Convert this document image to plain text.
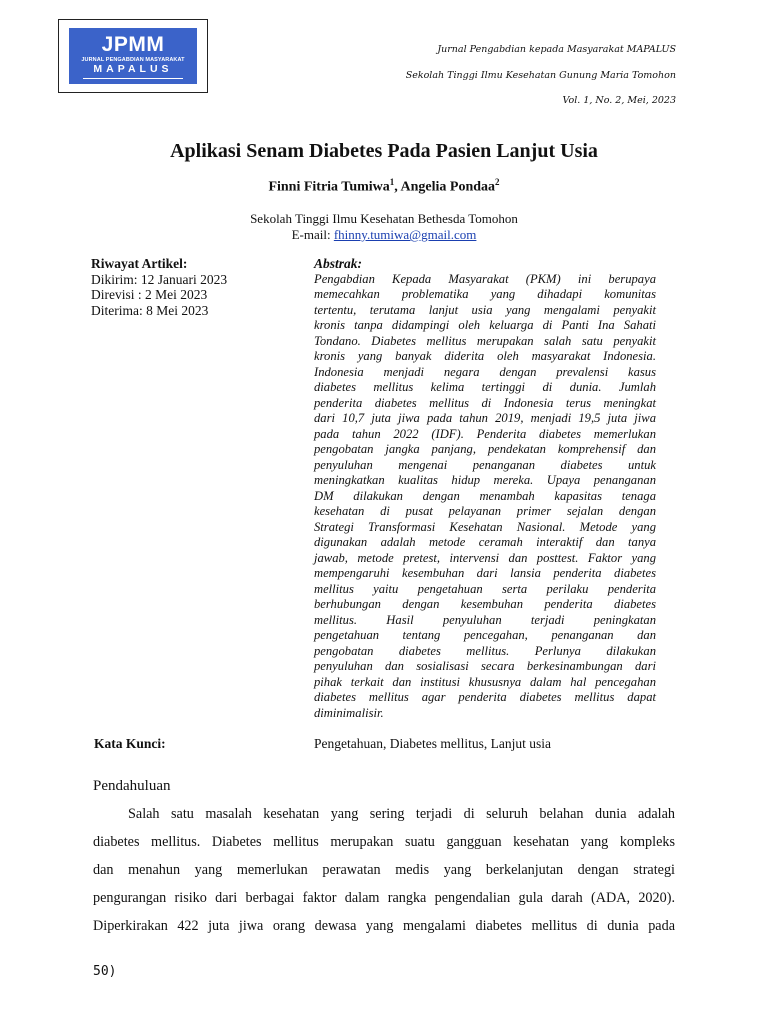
JPMM
JURNAL PENGABDIAN MASYARAKAT
MAPALUS
Jurnal Pengabdian kepada Masyarakat MAPALUS
Sekolah Tinggi Ilmu Kesehatan Gunung Maria Tomohon
Vol. 1, No. 2, Mei, 2023
Aplikasi Senam Diabetes Pada Pasien Lanjut Usia
Finni Fitria Tumiwa$^1$, Angelia Pondaa$^2$
Sekolah Tinggi Ilmu Kesehatan Bethesda Tomohon
E-mail: fhinny.tumiwa@gmail.com
Riwayat Artikel:
Dikirim: 12 Januari 2023
Direvisi : 2 Mei 2023
Diterima: 8 Mei 2023
Abstrak:
Pengabdian Kepada Masyarakat (PKM) ini berupaya
memecahkan problematika yang dihadapi komunitas
tertentu, terutama lanjut usia yang mengalami penyakit
kronis tanpa didampingi oleh keluarga di Panti Ina Sahati
Tondano. Diabetes mellitus merupakan salah satu penyakit
kronis yang banyak diderita oleh masyarakat Indonesia.
Indonesia menjadi negara dengan prevalensi kasus
diabetes mellitus kelima tertinggi di dunia. Jumlah
penderita diabetes mellitus di Indonesia terus meningkat
dari 10,7 juta jiwa pada tahun 2019, menjadi 19,5 juta jiwa
pada tahun 2022 (IDF). Penderita diabetes memerlukan
pengobatan jangka panjang, pendekatan komprehensif dan
penyuluhan mengenai penanganan diabetes untuk
meningkatkan kualitas hidup mereka. Upaya penanganan
DM dilakukan dengan menambah kapasitas tenaga
kesehatan di pusat pelayanan primer sejalan dengan
Strategi Transformasi Kesehatan Nasional. Metode yang
digunakan adalah metode ceramah interaktif dan tanya
jawab, metode pretest, intervensi dan posttest. Faktor yang
mempengaruhi kesembuhan dari lansia penderita diabetes
mellitus yaitu pengetahuan serta perilaku penderita
berhubungan dengan kesembuhan penderita diabetes
mellitus. Hasil penyuluhan terjadi peningkatan
pengetahuan tentang pencegahan, penanganan dan
pengobatan diabetes mellitus. Perlunya dilakukan
penyuluhan dan sosialisasi secara berkesinambungan dari
pihak terkait dan institusi khususnya dalam hal pencegahan
diabetes mellitus agar penderita diabetes mellitus dapat
diminimalisir.
Kata Kunci:	Pengetahuan, Diabetes mellitus, Lanjut usia
Pendahuluan
Salah satu masalah kesehatan yang sering terjadi di seluruh belahan dunia adalah
diabetes mellitus. Diabetes mellitus merupakan suatu gangguan kesehatan yang kompleks
dan menahun yang memerlukan perawatan medis yang berkelanjutan dengan strategi
pengurangan risiko dari berbagai faktor dalam rangka pengendalian gula darah (ADA, 2020).
Diperkirakan 422 juta jiwa orang dewasa yang mengalami diabetes mellitus di dunia pada
50)
